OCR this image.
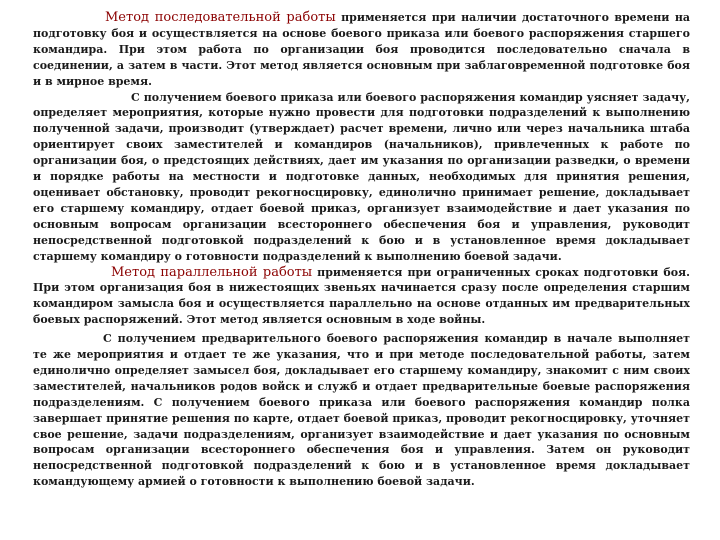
Метод последовательной работы применяется при наличии достаточного времени на подготовку боя и осуществляется на основе боевого приказа или боевого распоряжения старшего командира. При этом работа по организации боя проводится последовательно сначала в соединении, а затем в части. Этот метод является основным при заблаговременной подготовке боя и в мирное время.

С получением боевого приказа или боевого распоряжения командир уясняет задачу, определяет мероприятия, которые нужно провести для подготовки подразделений к выполнению полученной задачи, производит (утверждает) расчет времени, лично или через начальника штаба ориентирует своих заместителей и командиров (начальников), привлеченных к работе по организации боя, о предстоящих действиях, дает им указания по организации разведки, о времени и порядке работы на местности и подготовке данных, необходимых для принятия решения, оценивает обстановку, проводит рекогносцировку, единолично принимает решение, докладывает его старшему командиру, отдает боевой приказ, организует взаимодействие и дает указания по основным вопросам организации всестороннего обеспечения боя и управления, руководит непосредственной подготовкой подразделений к бою и в установленное время докладывает старшему командиру о готовности подразделений к выполнению боевой задачи.

Метод параллельной работы применяется при ограниченных сроках подготовки боя. При этом организация боя в нижестоящих звеньях начинается сразу после определения старшим командиром замысла боя и осуществляется параллельно на основе отданных им предварительных боевых распоряжений. Этот метод является основным в ходе войны.

С получением предварительного боевого распоряжения командир в начале выполняет те же мероприятия и отдает те же указания, что и при методе последовательной работы, затем единолично определяет замысел боя, докладывает его старшему командиру, знакомит с ним своих заместителей, начальников родов войск и служб и отдает предварительные боевые распоряжения подразделениям. С получением боевого приказа или боевого распоряжения командир полка завершает принятие решения по карте, отдает боевой приказ, проводит рекогносцировку, уточняет свое решение, задачи подразделениям, организует взаимодействие и дает указания по основным вопросам организации всестороннего обеспечения боя и управления. Затем он руководит непосредственной подготовкой подразделений к бою и в установленное время докладывает командующему армией о готовности к выполнению боевой задачи.
